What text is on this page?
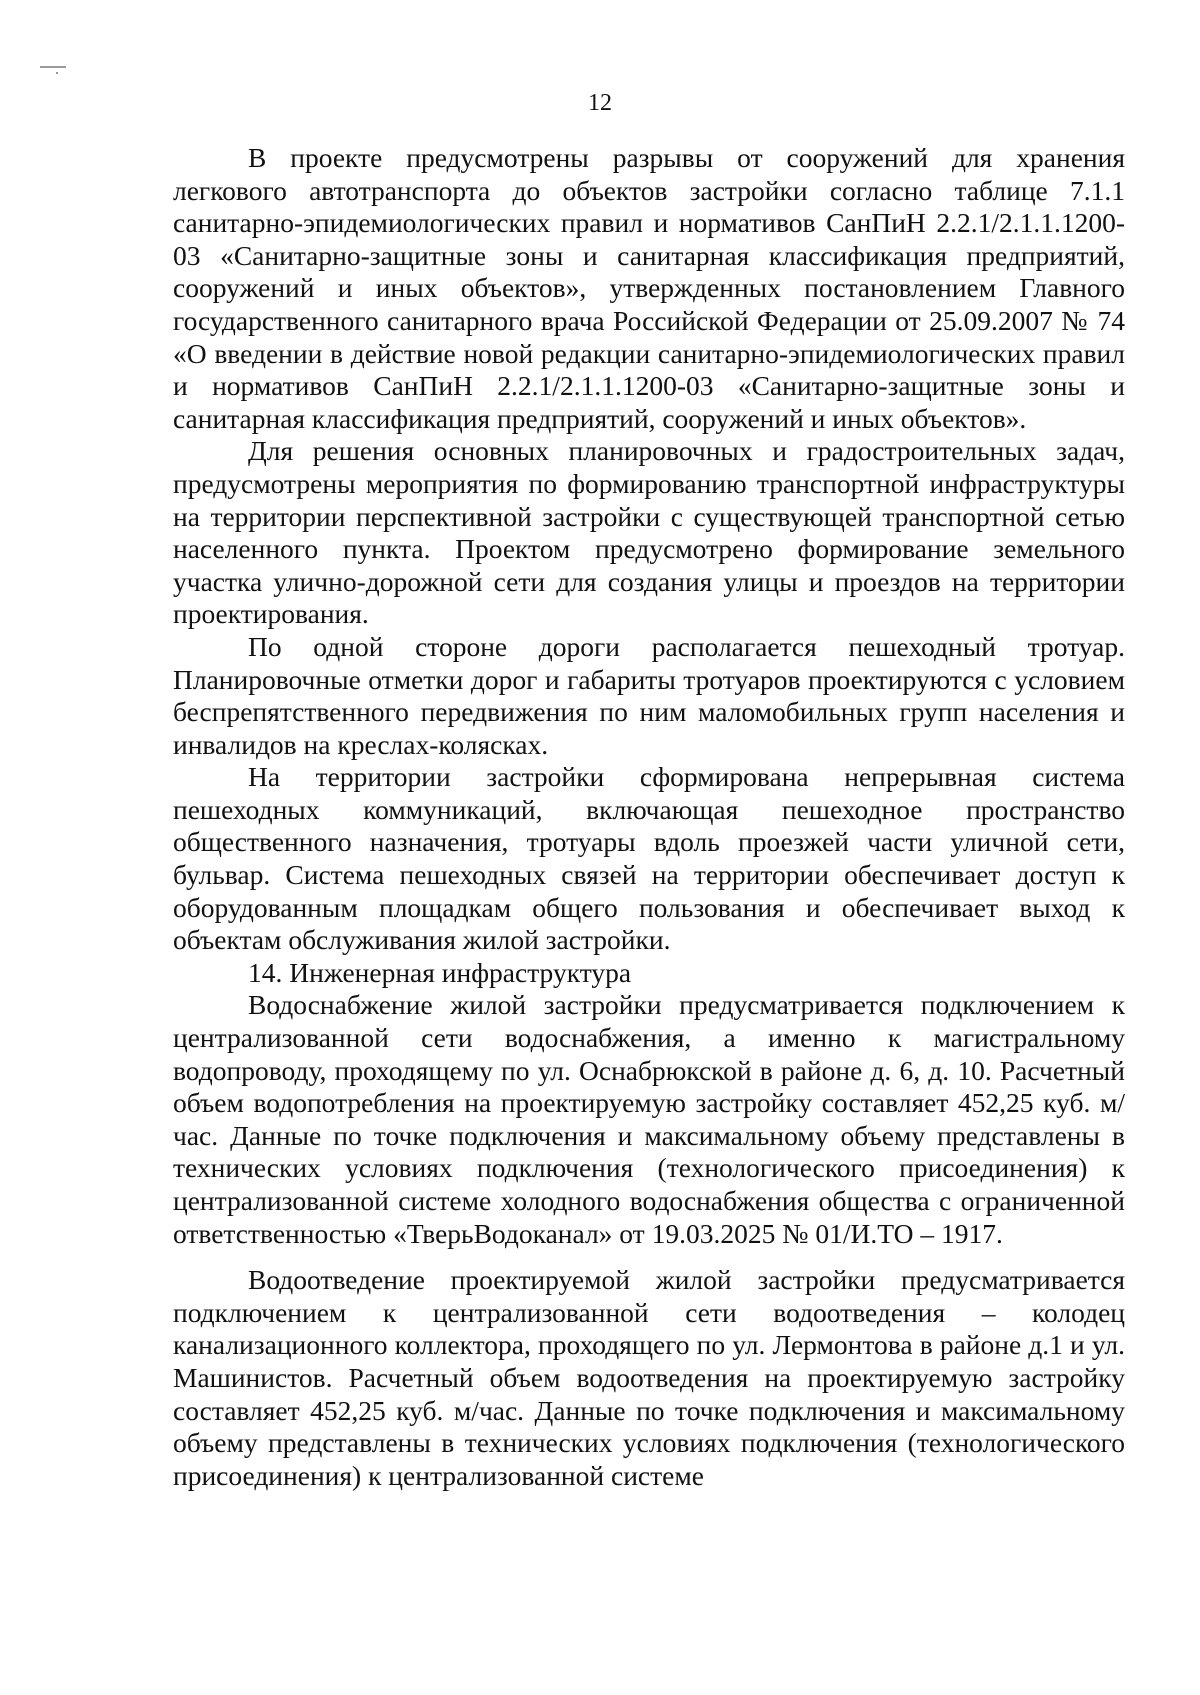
12

В проекте предусмотрены разрывы от сооружений для хранения легкового автотранспорта до объектов застройки согласно таблице 7.1.1 санитарно-эпидемиологических правил и нормативов СанПиН 2.2.1/2.1.1.1200-03 «Санитарно-защитные зоны и санитарная классификация предприятий, сооружений и иных объектов», утвержденных постановлением Главного государственного санитарного врача Российской Федерации от 25.09.2007 № 74 «О введении в действие новой редакции санитарно-эпидемиологических правил и нормативов СанПиН 2.2.1/2.1.1.1200-03 «Санитарно-защитные зоны и санитарная классификация предприятий, сооружений и иных объектов».

Для решения основных планировочных и градостроительных задач, предусмотрены мероприятия по формированию транспортной инфраструктуры на территории перспективной застройки с существующей транспортной сетью населенного пункта. Проектом предусмотрено формирование земельного участка улично-дорожной сети для создания улицы и проездов на территории проектирования.

По одной стороне дороги располагается пешеходный тротуар. Планировочные отметки дорог и габариты тротуаров проектируются с условием беспрепятственного передвижения по ним маломобильных групп населения и инвалидов на креслах-колясках.

На территории застройки сформирована непрерывная система пешеходных коммуникаций, включающая пешеходное пространство общественного назначения, тротуары вдоль проезжей части уличной сети, бульвар. Система пешеходных связей на территории обеспечивает доступ к оборудованным площадкам общего пользования и обеспечивает выход к объектам обслуживания жилой застройки.

14. Инженерная инфраструктура

Водоснабжение жилой застройки предусматривается подключением к централизованной сети водоснабжения, а именно к магистральному водопроводу, проходящему по ул. Оснабрюкской в районе д. 6, д. 10. Расчетный объем водопотребления на проектируемую застройку составляет 452,25 куб. м/час. Данные по точке подключения и максимальному объему представлены в технических условиях подключения (технологического присоединения) к централизованной системе холодного водоснабжения общества с ограниченной ответственностью «ТверьВодоканал» от 19.03.2025 № 01/И.ТО – 1917.

Водоотведение проектируемой жилой застройки предусматривается подключением к централизованной сети водоотведения – колодец канализационного коллектора, проходящего по ул. Лермонтова в районе д.1 и ул. Машинистов. Расчетный объем водоотведения на проектируемую застройку составляет 452,25 куб. м/час. Данные по точке подключения и максимальному объему представлены в технических условиях подключения (технологического присоединения) к централизованной системе
